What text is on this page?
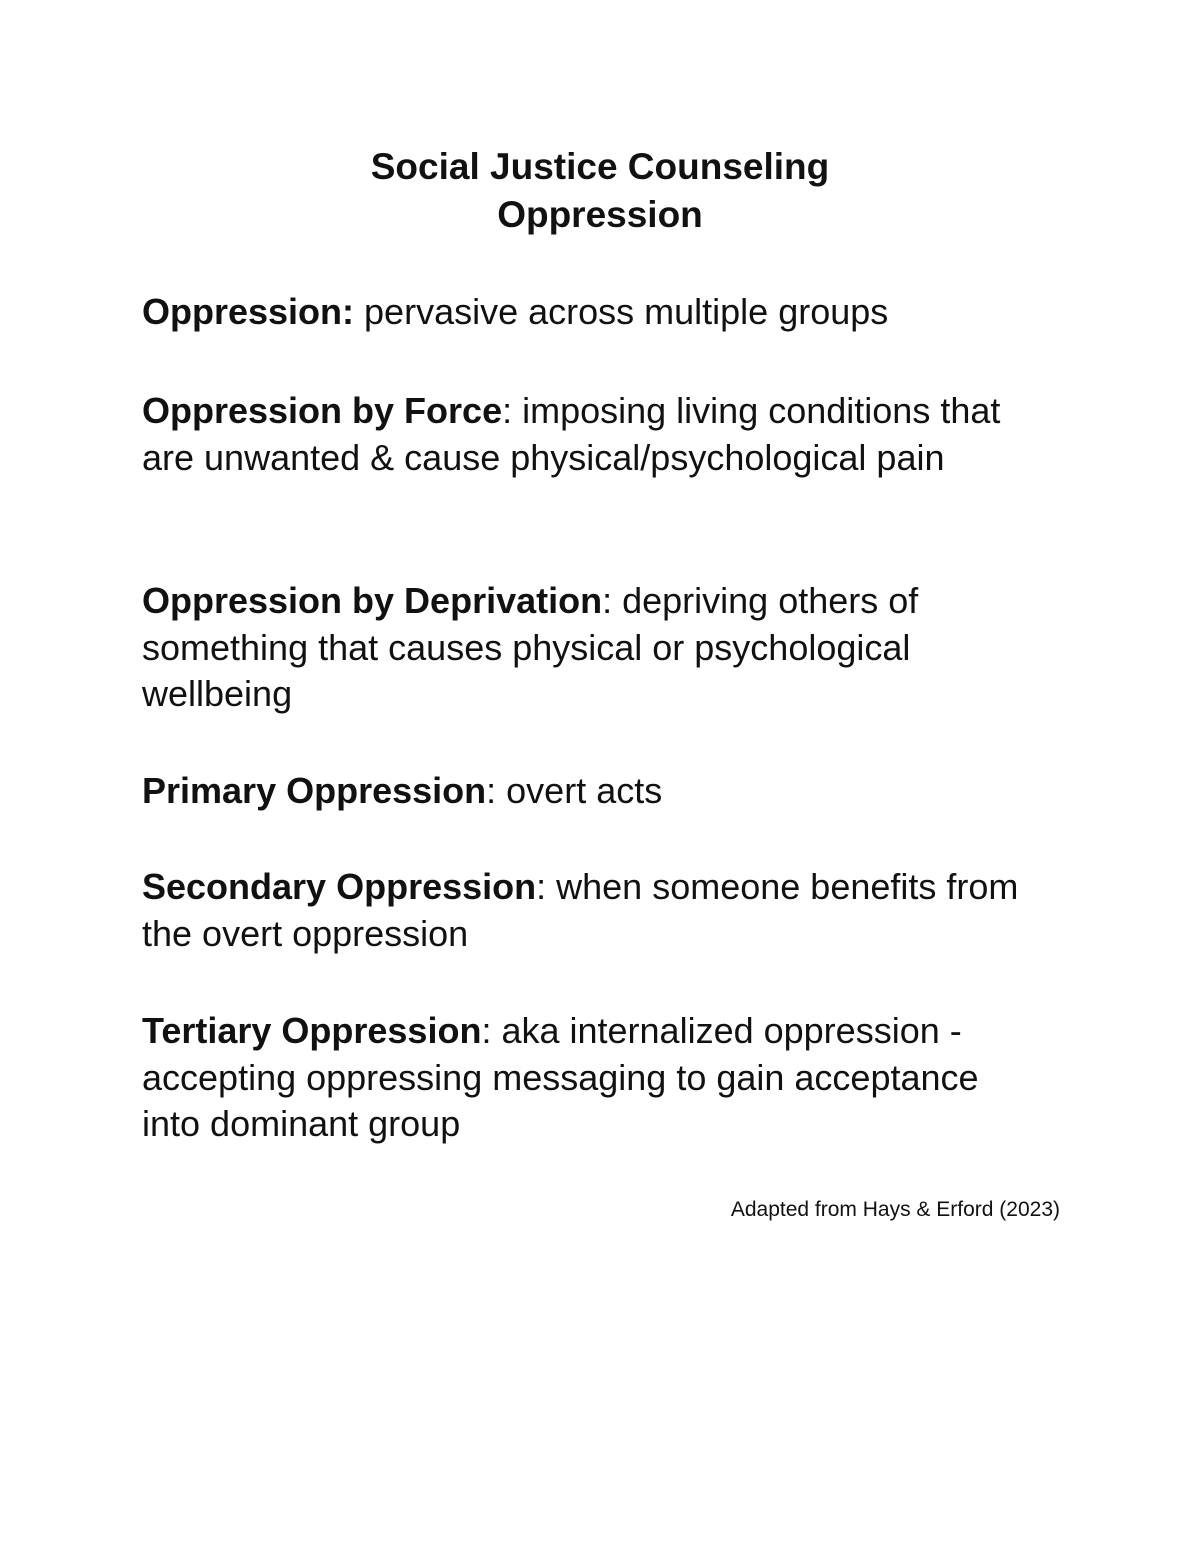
Social Justice Counseling
Oppression
Oppression: pervasive across multiple groups
Oppression by Force: imposing living conditions that are unwanted & cause physical/psychological pain
Oppression by Deprivation: depriving others of something that causes physical or psychological wellbeing
Primary Oppression: overt acts
Secondary Oppression: when someone benefits from the overt oppression
Tertiary Oppression: aka internalized oppression - accepting oppressing messaging to gain acceptance into dominant group
Adapted from Hays & Erford (2023)
